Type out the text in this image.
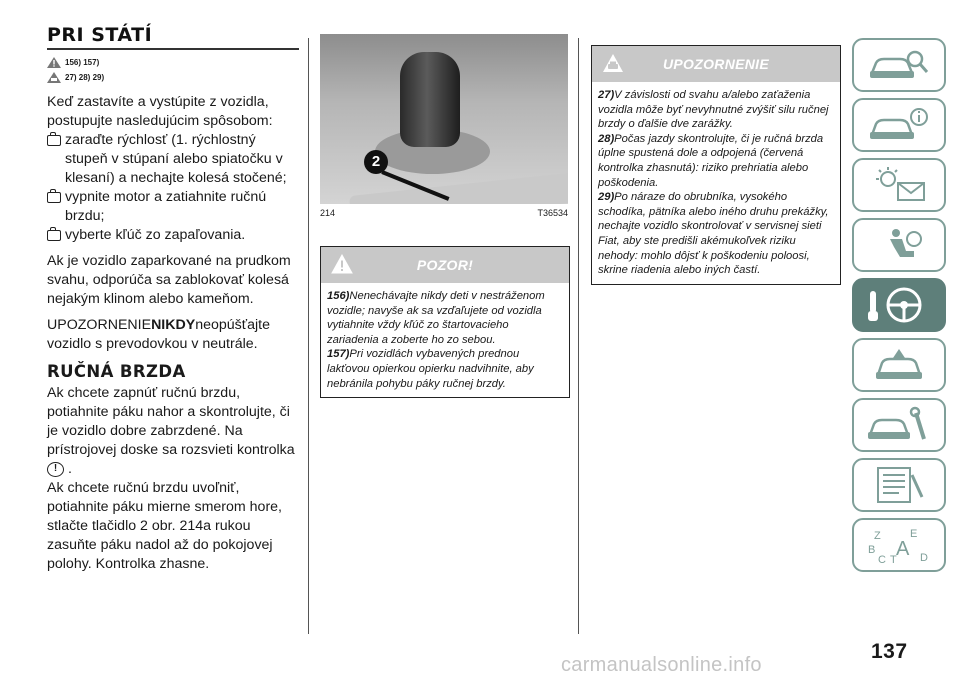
PRI STÁTÍ
156) 157)
27) 28) 29)

Keď zastavíte a vystúpite z vozidla, postupujte nasledujúcim spôsobom:

zaraďte rýchlosť (1. rýchlostný stupeň v stúpaní alebo spiatočku v klesaní) a nechajte kolesá stočené;

vypnite motor a zatiahnite ručnú brzdu;

vyberte kľúč zo zapaľovania.

Ak je vozidlo zaparkované na prudkom svahu, odporúča sa zablokovať kolesá nejakým klinom alebo kameňom.

UPOZORNENIENIKDYneopúšťajte vozidlo s prevodovkou v neutrále.

RUČNÁ BRZDA

Ak chcete zapnúť ručnú brzdu, potiahnite páku nahor a skontrolujte, či je vozidlo dobre zabrzdené. Na prístrojovej doske sa rozsvieti kontrolka ! .

Ak chcete ručnú brzdu uvoľniť, potiahnite páku mierne smerom hore, stlačte tlačidlo 2 obr. 214a rukou zasuňte páku nadol až do pokojovej polohy. Kontrolka zhasne.

2
214	T36534
POZOR!
156)Nenechávajte nikdy deti v nestráženom vozidle; navyše ak sa vzďaľujete od vozidla vytiahnite vždy kľúč zo štartovacieho zariadenia a zoberte ho zo sebou.
157)Pri vozidlách vybavených prednou lakťovou opierkou opierku nadvihnite, aby nebránila pohybu páky ručnej brzdy.
UPOZORNENIE
27)V závislosti od svahu a/alebo zaťaženia vozidla môže byť nevyhnutné zvýšiť silu ručnej brzdy o ďalšie dve zarážky.
28)Počas jazdy skontrolujte, či je ručná brzda úplne spustená dole a odpojená (červená kontrolka zhasnutá): riziko prehriatia alebo poškodenia.
29)Po náraze do obrubníka, vysokého schodíka, pätníka alebo iného druhu prekážky, nechajte vozidlo skontrolovať v servisnej sieti Fiat, aby ste predišli akémukoľvek riziku nehody: mohlo dôjsť k poškodeniu poloosi, skrine riadenia alebo iných častí.
Z	E
B A
C T D
137
carmanualsonline.info
